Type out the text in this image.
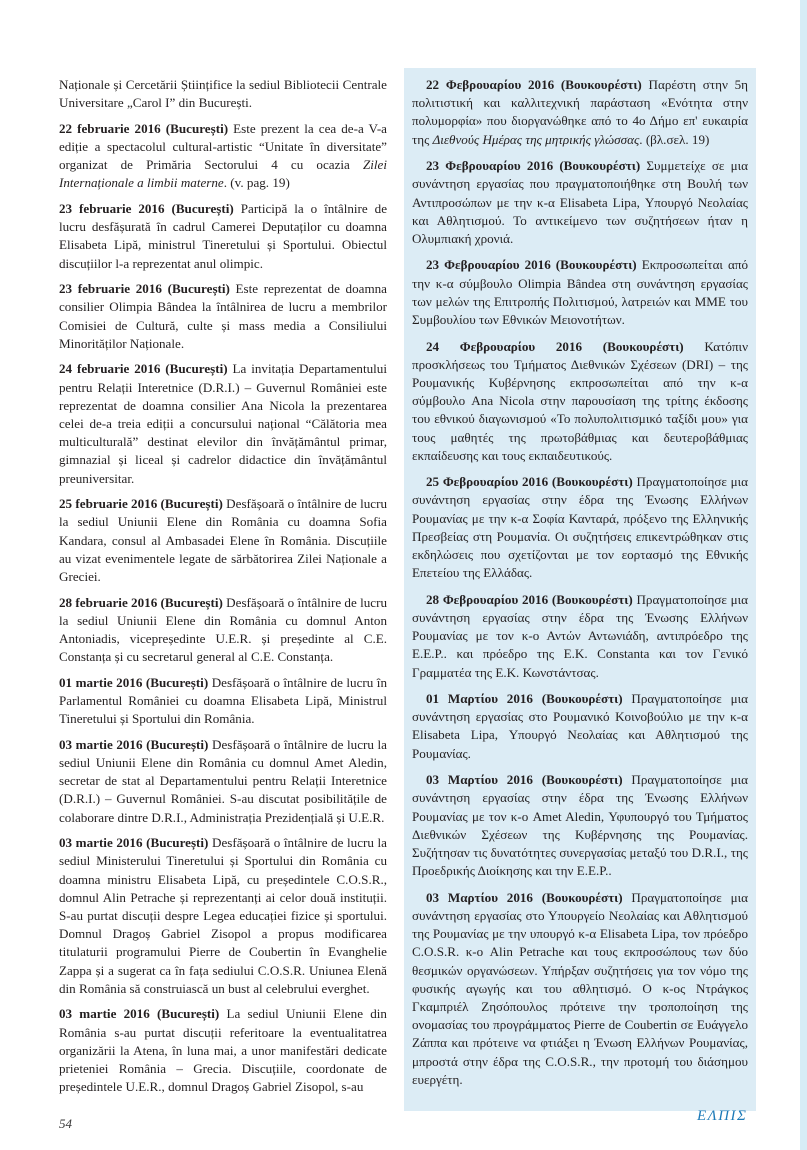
Naționale și Cercetării Științifice la sediul Bibliotecii Centrale Universitare „Carol I” din București.

22 februarie 2016 (București) Este prezent la cea de-a V-a ediție a spectacolul cultural-artistic “Unitate în diversitate” organizat de Primăria Sectorului 4 cu ocazia Zilei Internaționale a limbii materne. (v. pag. 19)

23 februarie 2016 (București) Participă la o întâlnire de lucru desfășurată în cadrul Camerei Deputaților cu doamna Elisabeta Lipă, ministrul Tineretului și Sportului. Obiectul discuțiilor l-a reprezentat anul olimpic.

23 februarie 2016 (București) Este reprezentat de doamna consilier Olimpia Bândea la întâlnirea de lucru a membrilor Comisiei de Cultură, culte și mass media a Consiliului Minorităților Naționale.

24 februarie 2016 (București) La invitația Departamentului pentru Relații Interetnice (D.R.I.) – Guvernul României este reprezentat de doamna consilier Ana Nicola la prezentarea celei de-a treia ediții a concursului național “Călătoria mea multiculturală” destinat elevilor din învățământul primar, gimnazial și liceal și cadrelor didactice din învățământul preuniversitar.

25 februarie 2016 (București) Desfășoară o întâlnire de lucru la sediul Uniunii Elene din România cu doamna Sofia Kandara, consul al Ambasadei Elene în România. Discuțiile au vizat evenimentele legate de sărbătorirea Zilei Naționale a Greciei.

28 februarie 2016 (București) Desfășoară o întâlnire de lucru la sediul Uniunii Elene din România cu domnul Anton Antoniadis, vicepreședinte U.E.R. și președinte al C.E. Constanța și cu secretarul general al C.E. Constanța.

01 martie 2016 (București) Desfășoară o întâlnire de lucru în Parlamentul României cu doamna Elisabeta Lipă, Ministrul Tineretului și Sportului din România.

03 martie 2016 (București) Desfășoară o întâlnire de lucru la sediul Uniunii Elene din România cu domnul Amet Aledin, secretar de stat al Departamentului pentru Relații Interetnice (D.R.I.) – Guvernul României. S-au discutat posibilitățile de colaborare dintre D.R.I., Administrația Prezidențială și U.E.R.

03 martie 2016 (București) Desfășoară o întâlnire de lucru la sediul Ministerului Tineretului și Sportului din România cu doamna ministru Elisabeta Lipă, cu președintele C.O.S.R., domnul Alin Petrache și reprezentanți ai celor două instituții. S-au purtat discuții despre Legea educației fizice și sportului. Domnul Dragoș Gabriel Zisopol a propus modificarea titulaturii programului Pierre de Coubertin în Evanghelie Zappa și a sugerat ca în fața sediului C.O.S.R. Uniunea Elenă din România să construiască un bust al celebrului everghet.

03 martie 2016 (București) La sediul Uniunii Elene din România s-au purtat discuții referitoare la eventualitatrea organizării la Atena, în luna mai, a unor manifestări dedicate prieteniei România – Grecia. Discuțiile, coordonate de președintele U.E.R., domnul Dragoș Gabriel Zisopol, s-au

22 Φεβρουαρίου 2016 (Βουκουρέστι) Παρέστη στην 5η πολιτιστική και καλλιτεχνική παράσταση «Ενότητα στην πολυμορφία» που διοργανώθηκε από το 4ο Δήμο επ' ευκαιρία της Διεθνούς Ημέρας της μητρικής γλώσσας. (βλ.σελ. 19)

23 Φεβρουαρίου 2016 (Βουκουρέστι) Συμμετείχε σε μια συνάντηση εργασίας που πραγματοποιήθηκε στη Βουλή των Αντιπροσώπων με την κ-α Elisabeta Lipa, Υπουργό Νεολαίας και Αθλητισμού. Το αντικείμενο των συζητήσεων ήταν η Ολυμπιακή χρονιά.

23 Φεβρουαρίου 2016 (Βουκουρέστι) Εκπροσωπείται από την κ-α σύμβουλο Olimpia Bândea στη συνάντηση εργασίας των μελών της Επιτροπής Πολιτισμού, λατρειών και ΜΜΕ του Συμβουλίου των Εθνικών Μειονοτήτων.

24 Φεβρουαρίου 2016 (Βουκουρέστι) Κατόπιν προσκλήσεως του Τμήματος Διεθνικών Σχέσεων (DRI) – της Ρουμανικής Κυβέρνησης εκπροσωπείται από την κ-α σύμβουλο Ana Nicola στην παρουσίαση της τρίτης έκδοσης του εθνικού διαγωνισμού «Το πολυπολιτισμικό ταξίδι μου» για τους μαθητές της πρωτοβάθμιας και δευτεροβάθμιας εκπαίδευσης και τους εκπαιδευτικούς.

25 Φεβρουαρίου 2016 (Βουκουρέστι) Πραγματοποίησε μια συνάντηση εργασίας στην έδρα της Ένωσης Ελλήνων Ρουμανίας με την κ-α Σοφία Κανταρά, πρόξενο της Ελληνικής Πρεσβείας στη Ρουμανία. Οι συζητήσεις επικεντρώθηκαν στις εκδηλώσεις που σχετίζονται με τον εορτασμό της Εθνικής Επετείου της Ελλάδας.

28 Φεβρουαρίου 2016 (Βουκουρέστι) Πραγματοποίησε μια συνάντηση εργασίας στην έδρα της Ένωσης Ελλήνων Ρουμανίας με τον κ-ο Αντών Αντωνιάδη, αντιπρόεδρο της Ε.Ε.Ρ.. και πρόεδρο της Ε.Κ. Constanta και τον Γενικό Γραμματέα της Ε.Κ. Κωνστάντσας.

01 Μαρτίου 2016 (Βουκουρέστι) Πραγματοποίησε μια συνάντηση εργασίας στο Ρουμανικό Κοινοβούλιο με την κ-α Elisabeta Lipa, Υπουργό Νεολαίας και Αθλητισμού της Ρουμανίας.

03 Μαρτίου 2016 (Βουκουρέστι) Πραγματοποίησε μια συνάντηση εργασίας στην έδρα της Ένωσης Ελλήνων Ρουμανίας με τον κ-ο Amet Aledin, Υφυπουργό του Τμήματος Διεθνικών Σχέσεων της Κυβέρνησης της Ρουμανίας. Συζήτησαν τις δυνατότητες συνεργασίας μεταξύ του D.R.I., της Προεδρικής Διοίκησης και την Ε.Ε.Ρ..

03 Μαρτίου 2016 (Βουκουρέστι) Πραγματοποίησε μια συνάντηση εργασίας στο Υπουργείο Νεολαίας και Αθλητισμού της Ρουμανίας με την υπουργό κ-α Elisabeta Lipa, τον πρόεδρο C.O.S.R. κ-ο Alin Petrache και τους εκπροσώπους των δύο θεσμικών οργανώσεων. Υπήρξαν συζητήσεις για τον νόμο της φυσικής αγωγής και του αθλητισμό. Ο κ-ος Ντράγκος Γκαμπριέλ Ζησόπουλος πρότεινε την τροποποίηση της ονομασίας του προγράμματος Pierre de Coubertin σε Ευάγγελο Ζάππα και πρότεινε να φτιάξει η Ένωση Ελλήνων Ρουμανίας, μπροστά στην έδρα της C.O.S.R., την προτομή του διάσημου ευεργέτη.

54	ΕΛΠΙΣ
